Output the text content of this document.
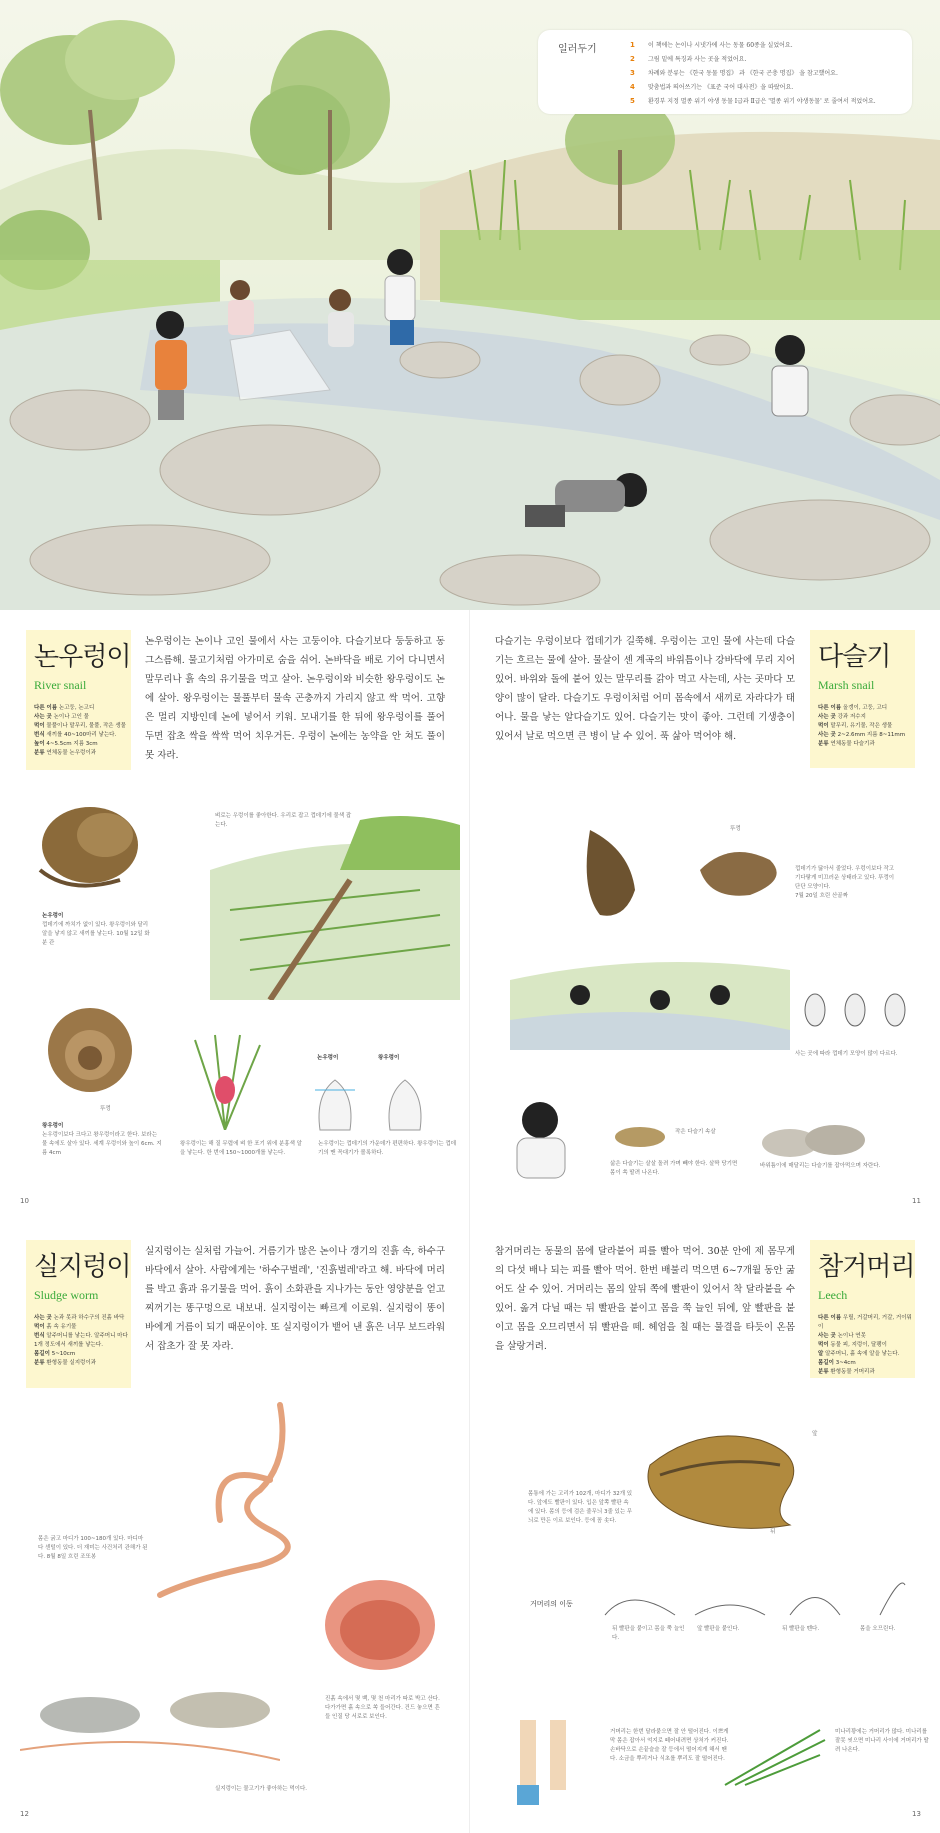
일러두기	1 이 책에는 논이나 시냇가에 사는 동물 60종을 실었어요.
2 그림 밑에 특징과 사는 곳을 적었어요.
3 차례와 분류는 《한국 동물 명집》 과 《한국 곤충 명집》 을 참고했어요.
4 맞춤법과 띄어쓰기는 《표준 국어 대사전》을 따랐어요.
5 환경부 지정 멸종 위기 야생 동물 Ⅰ급과 Ⅱ급은 '멸종 위기 야생동물' 로 줄여서 적었어요.
논우렁이
River snail
다른 이름 논고둥, 논고디
사는 곳 논이나 고인 물
먹이 물풀이나 말무리, 물풀, 작은 생물
번식 새끼를 40~100마리 낳는다.
높이 4~5.5cm 지름 3cm
분류 연체동물 논우렁이과
논우렁이는 논이나 고인 물에서 사는 고둥이야. 다슬기보다 둥둥하고 동그스름해. 물고기처럼 아가미로 숨을 쉬어. 논바닥을 배로 기어 다니면서 말무리나 흙 속의 유기물을 먹고 살아. 논우렁이와 비슷한 왕우렁이도 논에 살아. 왕우렁이는 물풀부터 물속 곤충까지 가리지 않고 싹 먹어. 고향은 멀리 지방인데 논에 넣어서 키워. 모내기를 한 뒤에 왕우렁이를 풀어 두면 잡초 싹을 싹싹 먹어 치우거든. 우렁이 논에는 농약을 안 쳐도 풀이 못 자라.
다슬기는 우렁이보다 껍데기가 길쭉해. 우렁이는 고인 물에 사는데 다슬기는 흐르는 물에 살아. 물살이 센 계곡의 바위틈이나 강바닥에 무리 지어 있어. 바위와 돌에 붙어 있는 말무리를 갉아 먹고 사는데, 사는 곳마다 모양이 많이 달라. 다슬기도 우렁이처럼 어미 몸속에서 새끼로 자라다가 태어나. 물을 낳는 알다슬기도 있어. 다슬기는 맛이 좋아. 그런데 기생충이 있어서 날로 먹으면 큰 병이 날 수 있어. 푹 삶아 먹어야 해.
다슬기
Marsh snail
다른 이름 올갱이, 고둥, 고디
사는 곳 강과 저수지
먹이 말무리, 유기물, 작은 생물
사는 곳 2~2.6mm 지름 8~11mm
분류 연체동물 다슬기과
논우렁이
껍데기에 까치가 없이 있다. 왕우렁이와 달리 알을 낳지 않고 새끼를 낳는다. 10월 12일 화분 관
벼로는 우렁이를 좋아한다. 우리로 잡고 껍데기에 물색 잡는다.
뚜껑
왕우렁이
논우렁이보다 크다고 왕우렁이라고 한다. 보라는 물 속에도 살아 있다. 세계 우렁이와 높이 6cm. 지름 4cm
왕우렁이는 해 질 무렵에 벼 한 포기 위에 분홍색 알을 낳는다. 한 번에 150~1000개를 낳는다.
논우렁이	왕우렁이
논우렁이는 껍데기의 가운데가 편편하다. 왕우렁이는 껍데기의 맨 꼭대기가 볼록하다.
10
뚜껑
껍데기가 닳아서 줄었다. 우렁이보다 작고 기다랗게 미끄러운 상태라고 있다. 뚜껑이 단단 모양이다.
7월 20일 흐린 산골짜
사는 곳에 따라 껍데기 모양이 많이 다르다.
작은 다슬기 속살
삶은 다슬기는 살살 돌려 가며 빼야 한다. 살짝 당기면 몸이 쏙 딸려 나온다.
바위틈이에 매달리는 다슬기를 잡아먹으며 자란다.
11
실지렁이
Sludge worm
사는 곳 논과 못과 하수구의 진흙 바닥
먹이 흙 속 유기물
번식 알주머니를 낳는다. 알주머니 마다
1개 정도에서 새끼를 낳는다.
몸길이 5~10cm
분류 환형동물 실지렁이과
실지렁이는 실처럼 가늘어. 거름기가 많은 논이나 갱기의 진흙 속, 하수구 바닥에서 살아. 사람에게는 '하수구벌레', '진흙벌레'라고 해. 바닥에 머리를 박고 흙과 유기물을 먹어. 흙이 소화관을 지나가는 동안 영양분을 얻고 찌꺼기는 똥구멍으로 내보내. 실지렁이는 빠르게 이로워. 실지렁이 똥이 바에게 거름이 되기 때문이야. 또 실지렁이가 뱉어 낸 흙은 너무 보드라워서 잡초가 잘 못 자라.
참거머리는 동물의 몸에 달라붙어 피를 빨아 먹어. 30분 안에 제 몸무게의 다섯 배나 되는 피를 빨아 먹어. 한번 배불리 먹으면 6~7개월 동안 굶어도 살 수 있어. 거머리는 몸의 앞뒤 쪽에 빨판이 있어서 착 달라붙을 수 있어. 옮겨 다닐 때는 뒤 빨판을 붙이고 몸을 쭉 늘인 뒤에, 앞 빨판을 붙이고 몸을 오므리면서 뒤 빨판을 떼. 헤엄을 칠 때는 물결을 타듯이 온몸을 살랑거려.
참거머리
Leech
다른 이름 우릴, 거갈머리, 거갈, 거이뭐이
사는 곳 논이나 연못
먹이 동물 피, 지렁이, 달팽이
알 알주머니, 흙 속에 알을 낳는다.
몸길이 3~4cm
분류 환형동물 거머리과
몸은 굵고 마디가 100~180개 있다. 마디마다 센털이 있다. 더 재미는 사건처리 관해가 된다. 8월 8일 흐린 조또봉
진흙 속에서 몇 백, 몇 천 마리가 따로 박고 산다. 다가가면 흙 속으로 쏙 들어간다. 건드 놓으면 흔들 인질 당 서로로 보인다.
실지렁이는 물고기가 좋아하는 먹이다.
12
앞
뒤
몸통에 가는 고리가 102개, 마디가 32개 있다. 앞에도 빨판이 있다. 입은 앞쪽 빨판 속에 있다. 몸의 등에 검은 줄무늬 3줄 있는 무늬로 만든 이르 보인다. 등에 꼼 솟다.
거머리의 이동
뒤 빨판을 붙이고 몸을 쭉 늘인다.
앞 빨판을 붙인다.	뒤 빨판을 뗀다.	몸을 오므린다.
거머리는 한번 달라붙으면 잘 안 떨어진다. 이쁘게 막 몸은 잡아서 억지로 떼어내려면 상처가 커진다. 손바닥으로 손끝슬슬 잘 등에서 떨어지게 해서 땐다. 소금을 뿌리거나 식초를 뿌리도 잘 떨어진다.
미나리꽝에는 거머리가 많다. 미나리를 잘못 씻으면 미나리 사이에 거머리가 딸려 나온다.
13
